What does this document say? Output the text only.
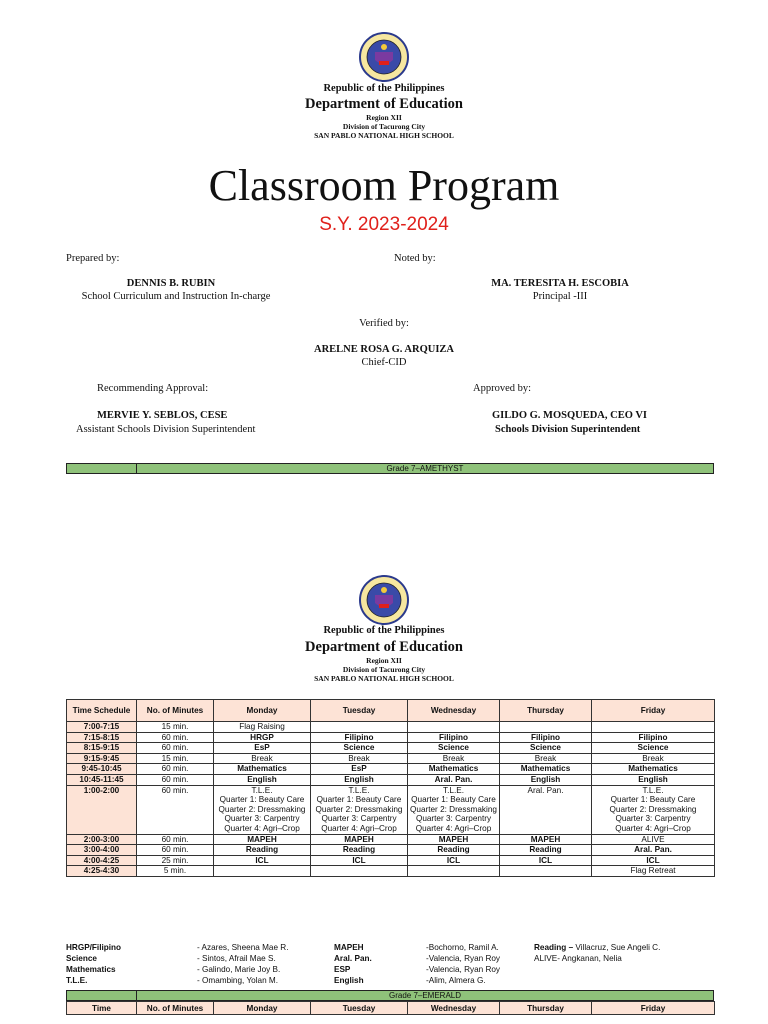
Republic of the Philippines
Department of Education
Region XII
Division of Tacurong City
SAN PABLO NATIONAL HIGH SCHOOL
Classroom Program
S.Y. 2023-2024
Prepared by:
DENNIS B. RUBIN
School Curriculum and Instruction In-charge
Noted by:
MA. TERESITA H. ESCOBIA
Principal -III
Verified by:
ARELNE ROSA G. ARQUIZA
Chief-CID
Recommending Approval:
MERVIE Y. SEBLOS, CESE
Assistant Schools Division Superintendent
Approved by:
GILDO G. MOSQUEDA, CEO VI
Schools Division Superintendent
Grade 7–AMETHYST
Republic of the Philippines
Department of Education
Region XII
Division of Tacurong City
SAN PABLO NATIONAL HIGH SCHOOL
Time Schedule	No. of Minutes	Monday	Tuesday	Wednesday	Thursday	Friday
7:00-7:15	15 min.	Flag Raising				
7:15-8:15	60 min.	HRGP	Filipino	Filipino	Filipino	Filipino
8:15-9:15	60 min.	EsP	Science	Science	Science	Science
9:15-9:45	15 min.	Break	Break	Break	Break	Break
9:45-10:45	60 min.	Mathematics	EsP	Mathematics	Mathematics	Mathematics
10:45-11:45	60 min.	English	English	Aral. Pan.	English	English
1:00-2:00	60 min.	T.L.E.
Quarter 1: Beauty Care
Quarter 2: Dressmaking
Quarter 3: Carpentry
Quarter 4: Agri–Crop	T.L.E.
Quarter 1: Beauty Care
Quarter 2: Dressmaking
Quarter 3: Carpentry
Quarter 4: Agri–Crop	T.L.E.
Quarter 1: Beauty Care
Quarter 2: Dressmaking
Quarter 3: Carpentry
Quarter 4: Agri–Crop	Aral. Pan.	T.L.E.
Quarter 1: Beauty Care
Quarter 2: Dressmaking
Quarter 3: Carpentry
Quarter 4: Agri–Crop
2:00-3:00	60 min.	MAPEH	MAPEH	MAPEH	MAPEH	ALIVE
3:00-4:00	60 min.	Reading	Reading	Reading	Reading	Aral. Pan.
4:00-4:25	25 min.	ICL	ICL	ICL	ICL	ICL
4:25-4:30	5 min.					Flag Retreat
HRGP/Filipino	- Azares, Sheena Mae R.
Science	- Sintos, Afrail Mae S.
Mathematics	- Galindo, Marie Joy B.
T.L.E.	- Omambing, Yolan M.
MAPEH	-Bochorno, Ramil A.
Aral. Pan.	-Valencia, Ryan Roy
ESP	-Valencia, Ryan Roy
English	-Alim, Almera G.
Reading – Villacruz, Sue Angeli C.
ALIVE- Angkanan, Nelia
Grade 7–EMERALD
Time	No. of Minutes	Monday	Tuesday	Wednesday	Thursday	Friday
